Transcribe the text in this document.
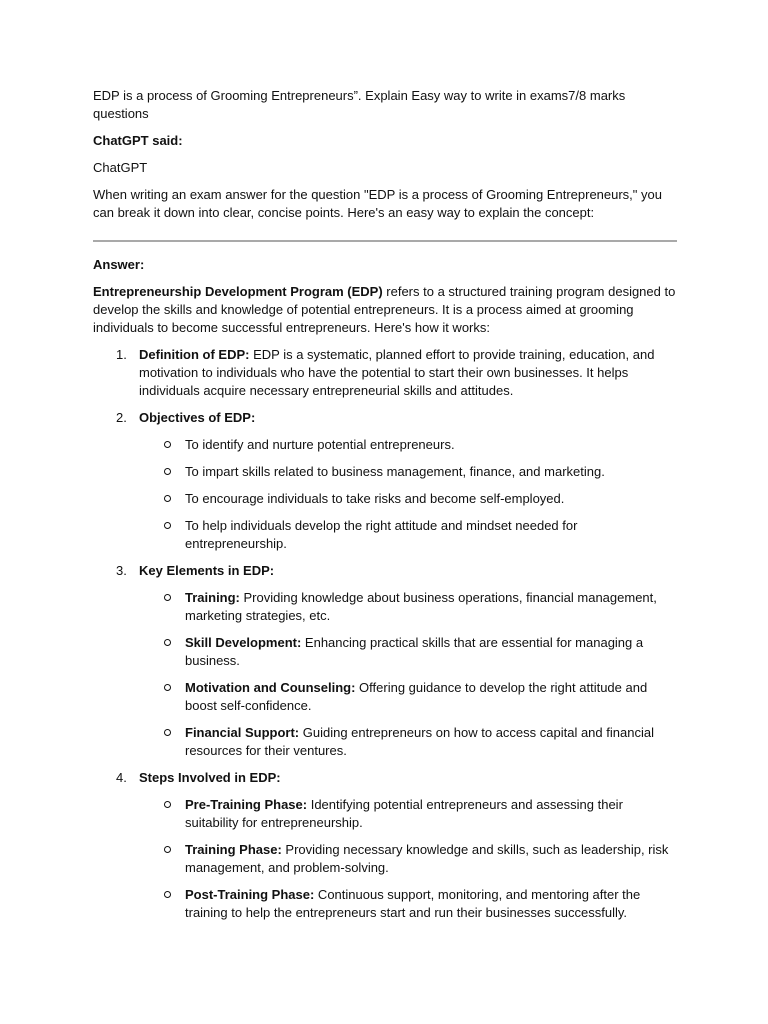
EDP is a process of Grooming Entrepreneurs”. Explain Easy way to write in exams7/8 marks questions

ChatGPT said:

ChatGPT

When writing an exam answer for the question "EDP is a process of Grooming Entrepreneurs," you can break it down into clear, concise points. Here's an easy way to explain the concept:

Answer:

Entrepreneurship Development Program (EDP) refers to a structured training program designed to develop the skills and knowledge of potential entrepreneurs. It is a process aimed at grooming individuals to become successful entrepreneurs. Here's how it works:

1. Definition of EDP: EDP is a systematic, planned effort to provide training, education, and motivation to individuals who have the potential to start their own businesses. It helps individuals acquire necessary entrepreneurial skills and attitudes.
2. Objectives of EDP:
To identify and nurture potential entrepreneurs.
To impart skills related to business management, finance, and marketing.
To encourage individuals to take risks and become self-employed.
To help individuals develop the right attitude and mindset needed for entrepreneurship.
3. Key Elements in EDP:
Training: Providing knowledge about business operations, financial management, marketing strategies, etc.
Skill Development: Enhancing practical skills that are essential for managing a business.
Motivation and Counseling: Offering guidance to develop the right attitude and boost self-confidence.
Financial Support: Guiding entrepreneurs on how to access capital and financial resources for their ventures.
4. Steps Involved in EDP:
Pre-Training Phase: Identifying potential entrepreneurs and assessing their suitability for entrepreneurship.
Training Phase: Providing necessary knowledge and skills, such as leadership, risk management, and problem-solving.
Post-Training Phase: Continuous support, monitoring, and mentoring after the training to help the entrepreneurs start and run their businesses successfully.
